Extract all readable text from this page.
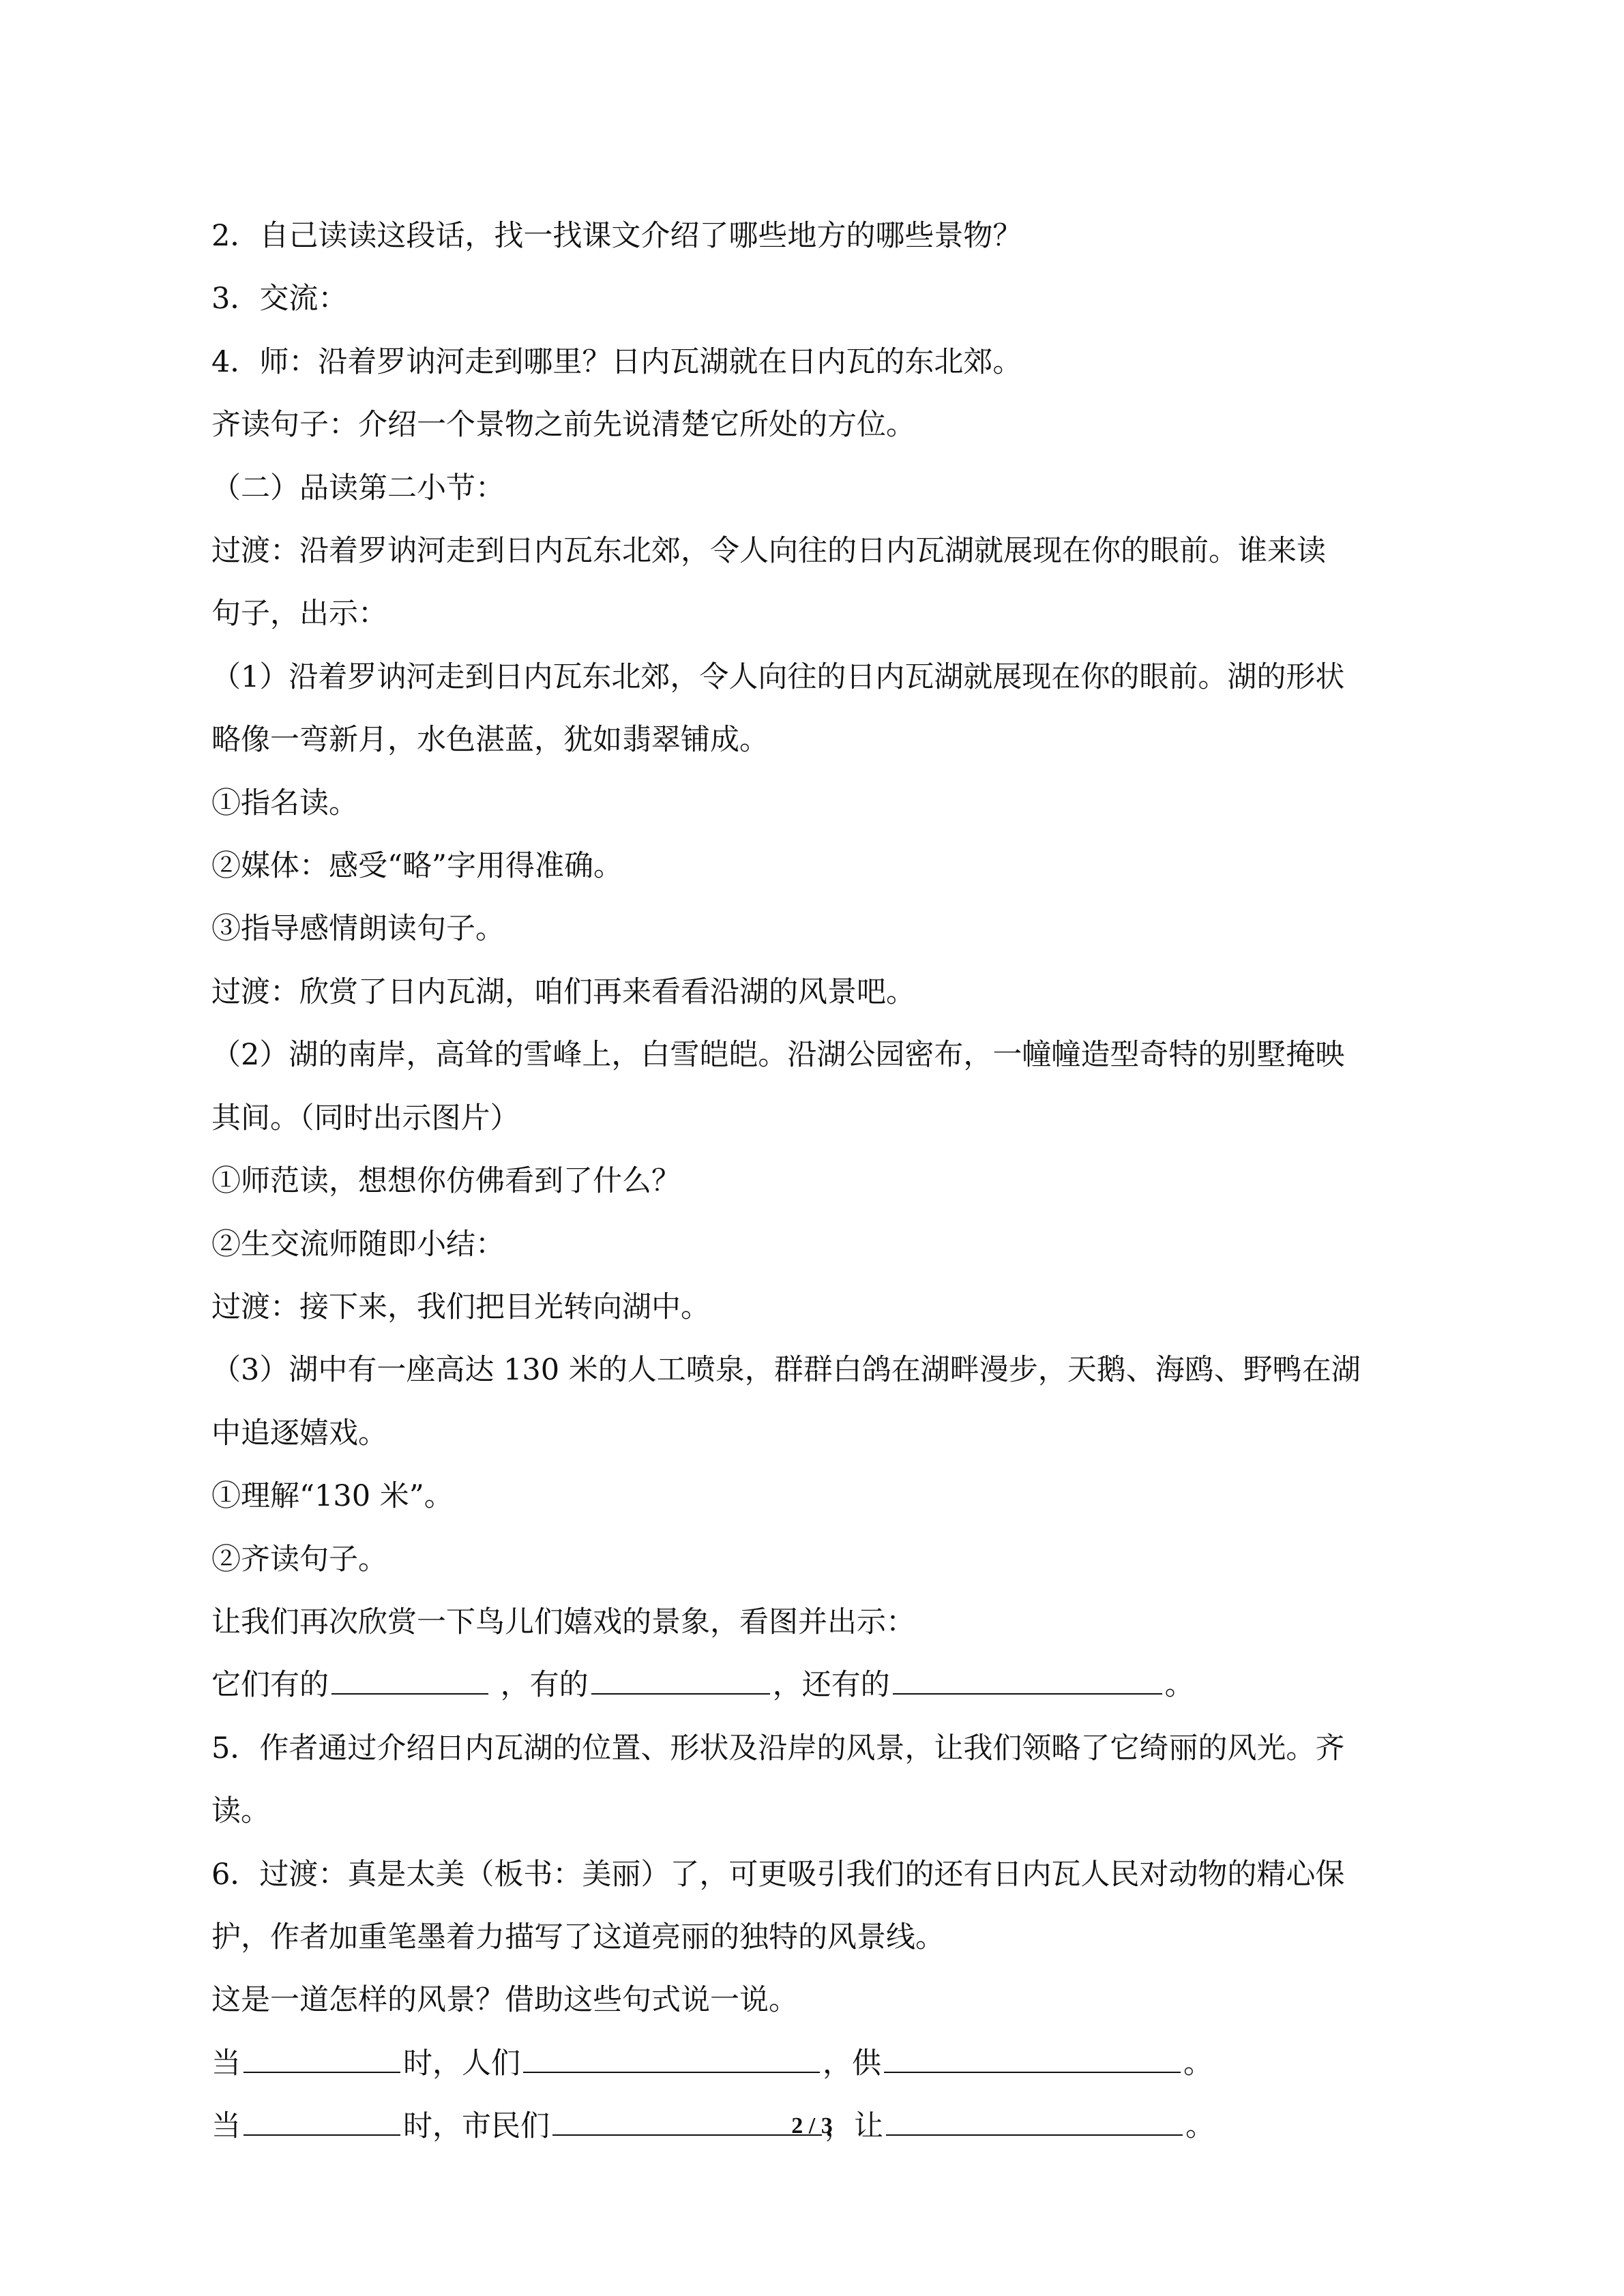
2．自己读读这段话，找一找课文介绍了哪些地方的哪些景物？

3．交流：

4．师：沿着罗讷河走到哪里？日内瓦湖就在日内瓦的东北郊。

齐读句子：介绍一个景物之前先说清楚它所处的方位。

（二）品读第二小节：

过渡：沿着罗讷河走到日内瓦东北郊，令人向往的日内瓦湖就展现在你的眼前。谁来读

句子，出示：

（1）沿着罗讷河走到日内瓦东北郊，令人向往的日内瓦湖就展现在你的眼前。湖的形状

略像一弯新月，水色湛蓝，犹如翡翠铺成。

①指名读。

②媒体：感受“略”字用得准确。

③指导感情朗读句子。

过渡：欣赏了日内瓦湖，咱们再来看看沿湖的风景吧。

（2）湖的南岸，高耸的雪峰上，白雪皑皑。沿湖公园密布，一幢幢造型奇特的别墅掩映

其间。（同时出示图片）

①师范读，想想你仿佛看到了什么？

②生交流师随即小结：

过渡：接下来，我们把目光转向湖中。

（3）湖中有一座高达 130 米的人工喷泉，群群白鸽在湖畔漫步，天鹅、海鸥、野鸭在湖

中追逐嬉戏。

①理解“130 米”。

②齐读句子。

让我们再次欣赏一下鸟儿们嬉戏的景象，看图并出示：

它们有的	，有的	，还有的	。

5．作者通过介绍日内瓦湖的位置、形状及沿岸的风景，让我们领略了它绮丽的风光。齐

读。

6．过渡：真是太美（板书：美丽）了，可更吸引我们的还有日内瓦人民对动物的精心保

护，作者加重笔墨着力描写了这道亮丽的独特的风景线。

这是一道怎样的风景？借助这些句式说一说。

当	时，人们	，供	。

当	时，市民们	，让	。

2 / 3
